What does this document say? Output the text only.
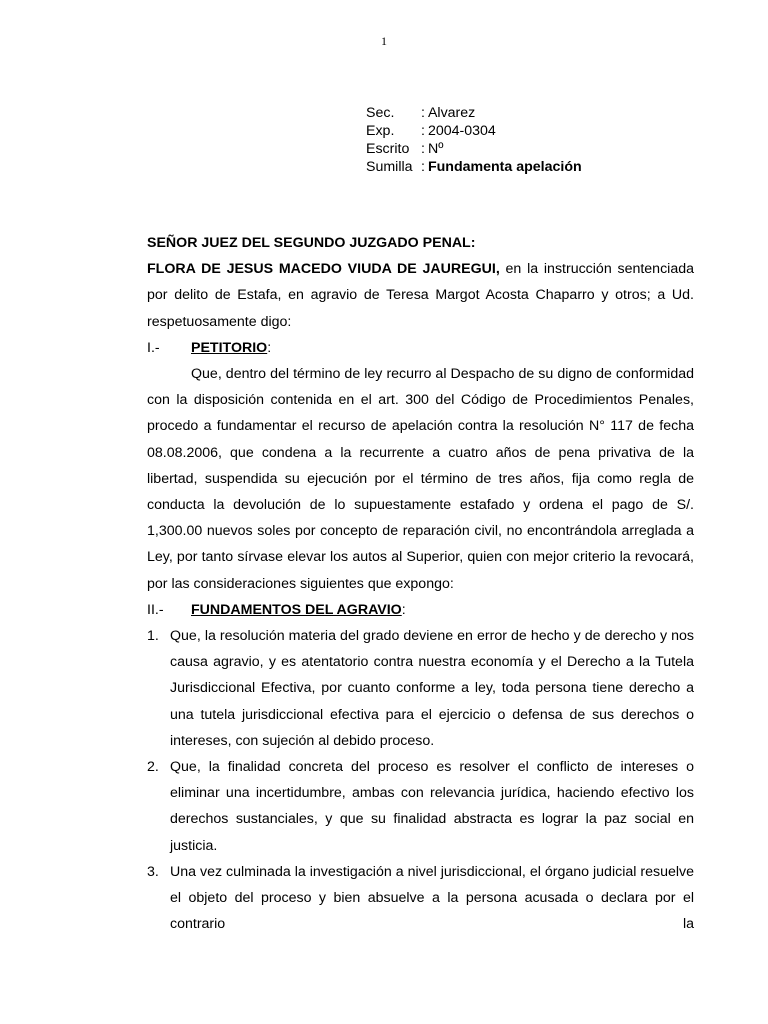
1
Sec.	: Alvarez
Exp.	: 2004-0304
Escrito : Nº
Sumilla : Fundamenta apelación

SEÑOR JUEZ DEL SEGUNDO JUZGADO PENAL:

FLORA DE JESUS MACEDO VIUDA DE JAUREGUI, en la instrucción sentenciada por delito de Estafa, en agravio de Teresa Margot Acosta Chaparro y otros; a Ud. respetuosamente digo:

I.-	PETITORIO:

Que, dentro del término de ley recurro al Despacho de su digno de conformidad con la disposición contenida en el art. 300 del Código de Procedimientos Penales, procedo a fundamentar el recurso de apelación contra la resolución N° 117 de fecha 08.08.2006, que condena a la recurrente a cuatro años de pena privativa de la libertad, suspendida su ejecución por el término de tres años, fija como regla de conducta la devolución de lo supuestamente estafado y ordena el pago de S/. 1,300.00 nuevos soles por concepto de reparación civil, no encontrándola arreglada a Ley, por tanto sírvase elevar los autos al Superior, quien con mejor criterio la revocará, por las consideraciones siguientes que expongo:

II.-	FUNDAMENTOS DEL AGRAVIO:
1. Que, la resolución materia del grado deviene en error de hecho y de derecho y nos causa agravio, y es atentatorio contra nuestra economía y el Derecho a la Tutela Jurisdiccional Efectiva, por cuanto conforme a ley, toda persona tiene derecho a una tutela jurisdiccional efectiva para el ejercicio o defensa de sus derechos o intereses, con sujeción al debido proceso.
2. Que, la finalidad concreta del proceso es resolver el conflicto de intereses o eliminar una incertidumbre, ambas con relevancia jurídica, haciendo efectivo los derechos sustanciales, y que su finalidad abstracta es lograr la paz social en justicia.
3. Una vez culminada la investigación a nivel jurisdiccional, el órgano judicial resuelve el objeto del proceso y bien absuelve a la persona acusada o declara por el contrario la
